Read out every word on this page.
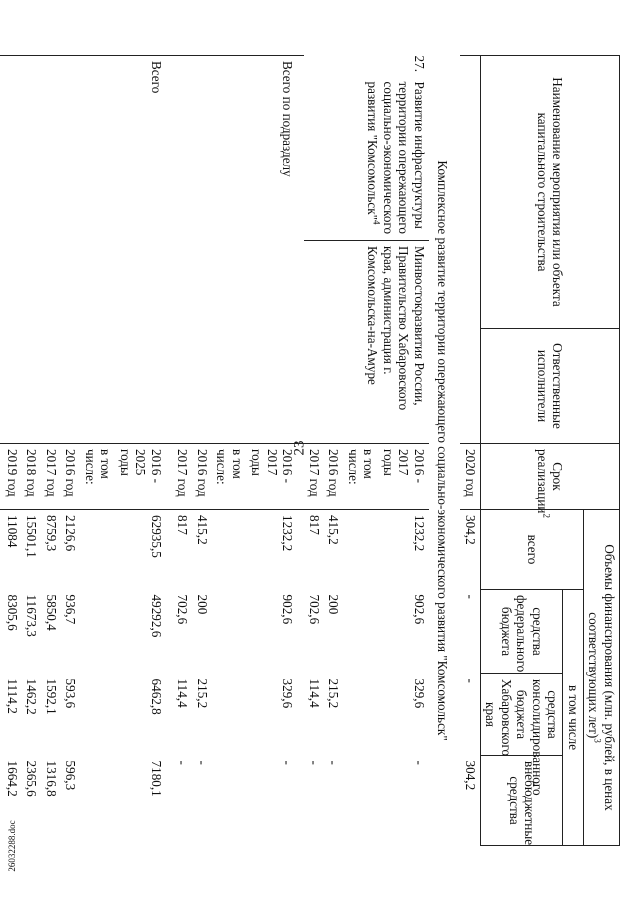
23
26032288.doc
Наименование мероприятия или объекта капитального строительства		Ответственные исполнители	Срок реализации$^2$	Объемы финансирования (млн. рублей, в ценах соответствующих лет)$^3$
				всего	в том числе		
					средства федерального бюджета	средства консолидированного бюджета Хабаровского края	внебюджетные средства
			2020 год	304,2	-	-	304,2
Комплексное развитие территории опережающего социально-экономического развития "Комсомольск"							

27.
Развитие инфраструктуры территории опережающего социально-экономического развития "Комсомольск"$^4$	Минвостокразвития России, Правительство Хабаровского края, администрация г. Комсомольска-на-Амуре		2016 - 2017 годы	1232,2	902,6	329,6	-
			в том числе:				
			2016 год	415,2	200	215,2	-
			2017 год	817	702,6	114,4	-

Всего по подразделу			2016 - 2017 годы	1232,2	902,6	329,6	-
			в том числе:				
			2016 год	415,2	200	215,2	-
			2017 год	817	702,6	114,4	-

Всего			2016 - 2025 годы	62935,5	49292,6	6462,8	7180,1
			в том числе:				
			2016 год	2126,6	936,7	593,6	596,3
			2017 год	8759,3	5850,4	1592,1	1316,8
			2018 год	15501,1	11673,3	1462,2	2365,6
			2019 год	11084	8305,6	1114,2	1664,2
